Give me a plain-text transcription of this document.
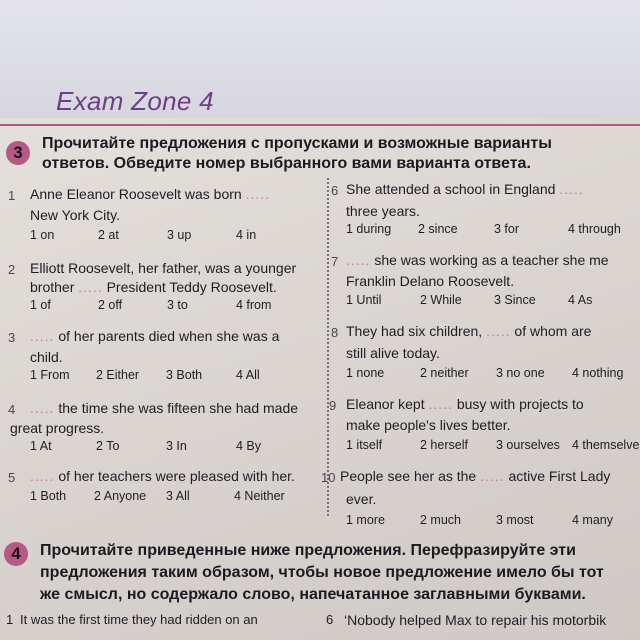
Exam Zone 4
3	Прочитайте предложения с пропусками и возможные варианты
ответов. Обведите номер выбранного вами варианта ответа.
1 Anne Eleanor Roosevelt was born .....
New York City.
1 on	2 at	3 up	4 in
2 Elliott Roosevelt, her father, was a younger
brother ..... President Teddy Roosevelt.
1 of	2 off	3 to	4 from
3 ..... of her parents died when she was a
child.
1 From 2 Either 3 Both	4 All
4 ..... the time she was fifteen she had made
great progress.
1 At	2 To	3 In	4 By
5 ..... of her teachers were pleased with her.
1 Both 2 Anyone 3 All	4 Neither
6 She attended a school in England .....
three years.
1 during 2 since	3 for	4 through
7 ..... she was working as a teacher she me
Franklin Delano Roosevelt.
1 Until	2 While	3 Since	4 As
8 They had six children, ..... of whom are
still alive today.
1 none	2 neither 3 no one 4 nothing
9 Eleanor kept ..... busy with projects to
make people's lives better.
1 itself	2 herself 3 ourselves 4 themselve
10 People see her as the ..... active First Lady
ever.
1 more	2 much	3 most	4 many
4	Прочитайте приведенные ниже предложения. Перефразируйте эти
предложения таким образом, чтобы новое предложение имело бы тот
же смысл, но содержало слово, напечатанное заглавными буквами.
1 It was the first time they had ridden on an	6 ‘Nobody helped Max to repair his motorbik
